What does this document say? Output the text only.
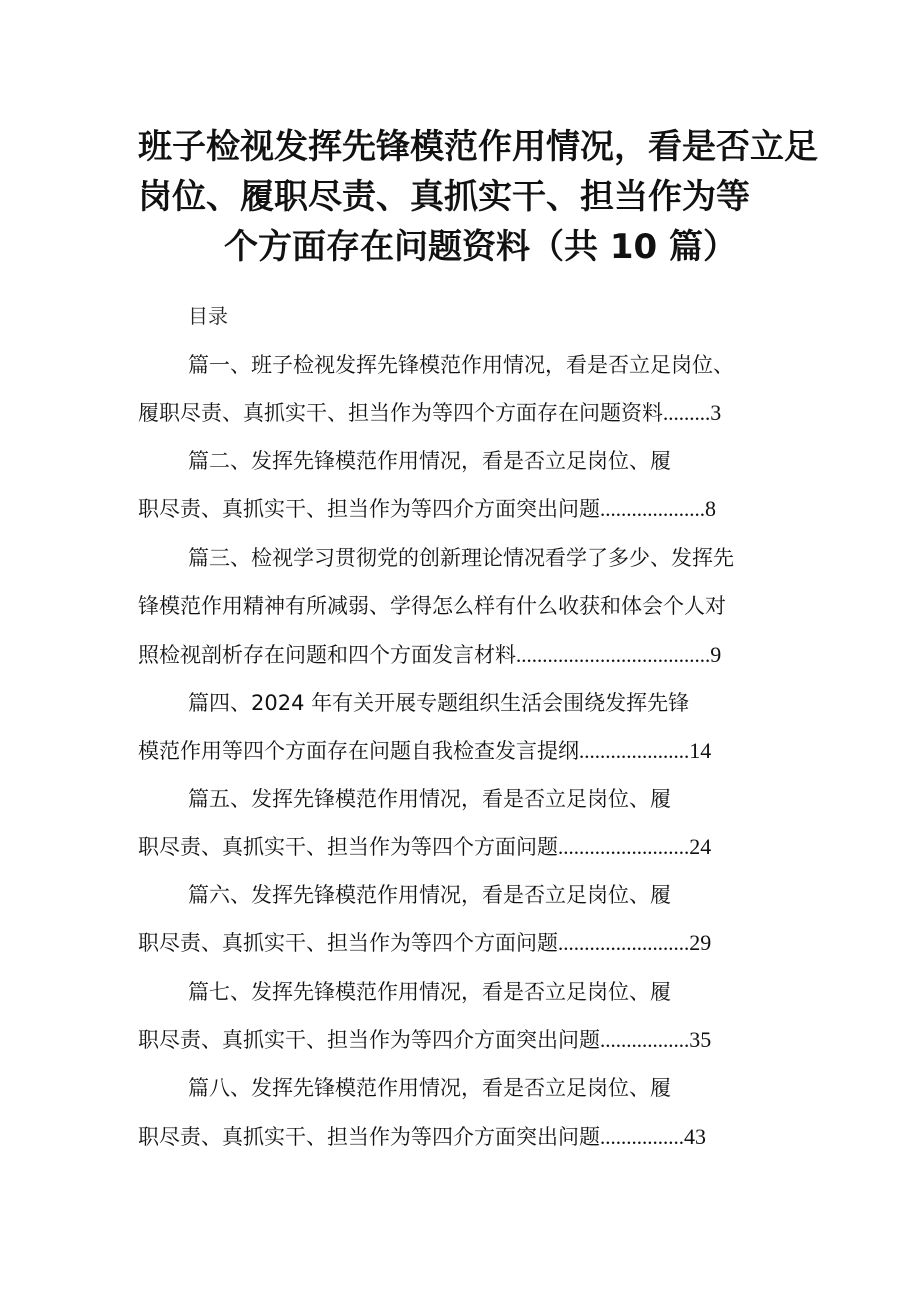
班子检视发挥先锋模范作用情况，看是否立足
岗位、履职尽责、真抓实干、担当作为等
个方面存在问题资料（共 10 篇）
目录
篇一、班子检视发挥先锋模范作用情况，看是否立足岗位、
履职尽责、真抓实干、担当作为等四个方面存在问题资料.........3
篇二、发挥先锋模范作用情况，看是否立足岗位、履
职尽责、真抓实干、担当作为等四介方面突出问题....................8
篇三、检视学习贯彻党的创新理论情况看学了多少、发挥先
锋模范作用精神有所减弱、学得怎么样有什么收获和体会个人对
照检视剖析存在问题和四个方面发言材料.....................................9
篇四、2024 年有关开展专题组织生活会围绕发挥先锋
模范作用等四个方面存在问题自我检查发言提纲.....................14
篇五、发挥先锋模范作用情况，看是否立足岗位、履
职尽责、真抓实干、担当作为等四个方面问题.........................24
篇六、发挥先锋模范作用情况，看是否立足岗位、履
职尽责、真抓实干、担当作为等四个方面问题.........................29
篇七、发挥先锋模范作用情况，看是否立足岗位、履
职尽责、真抓实干、担当作为等四介方面突出问题.................35
篇八、发挥先锋模范作用情况，看是否立足岗位、履
职尽责、真抓实干、担当作为等四介方面突出问题................43
